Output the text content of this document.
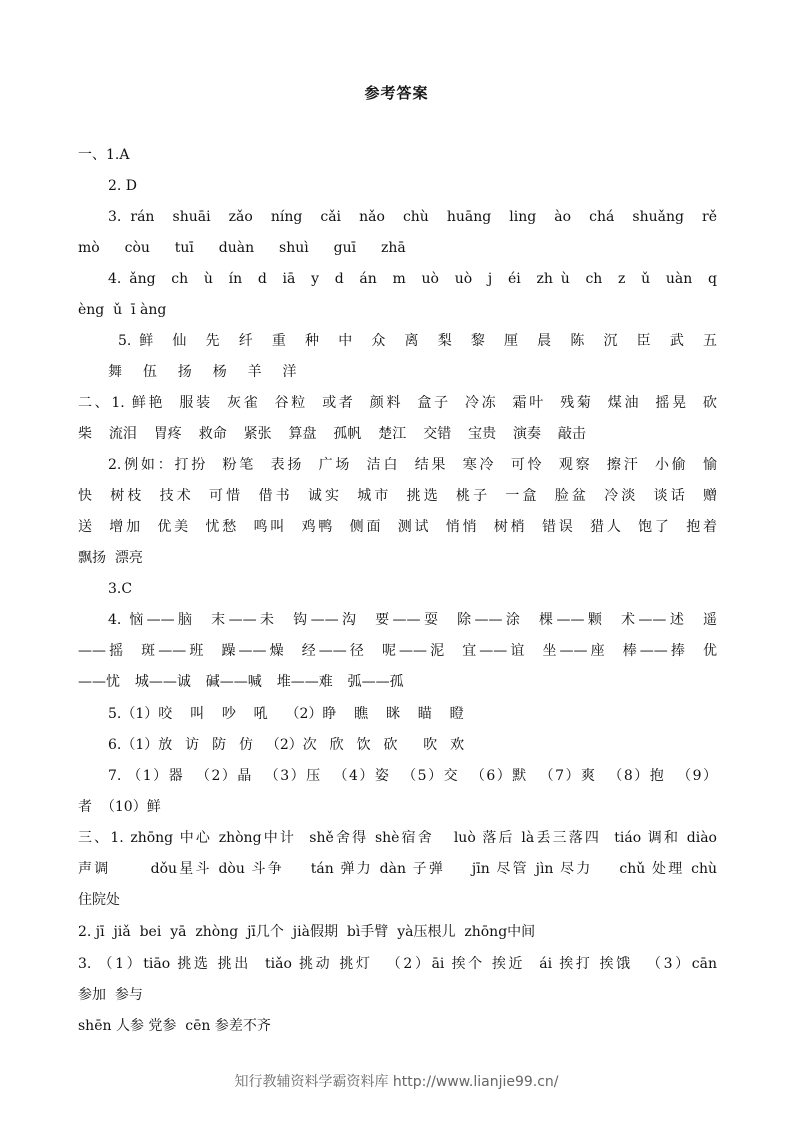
参考答案
一、1.A
2. D
3. rán  shuāi  zǎo  níng  cǎi  nǎo  chù  huāng  ling  ào  chá  shuǎng  rě
mò  còu  tuī  duàn  shuì  guī  zhā
4. ǎng  ch  ù  ín  d  iā  y  d  án  m  uò  uò  j  éi  zh ù  ch  z  ǔ  uàn  q
èng  ǔ  ī àng
5. 鲜  仙  先  纤  重  种  中  众  离  梨  黎  厘  晨  陈  沉  臣  武  五
舞  伍  扬  杨  羊  洋
二、1. 鲜艳  服装  灰雀  谷粒  或者  颜料  盒子  冷冻  霜叶  残菊  煤油  摇晃  砍
柴  流泪  胃疼  救命  紧张  算盘  孤帆  楚江  交错  宝贵  演奏  敲击
2.例如：打扮  粉笔  表扬  广场  洁白  结果  寒冷  可怜  观察  擦汗  小偷  愉
快  树枝  技术  可惜  借书  诚实  城市  挑选  桃子  一盒  脸盆  冷淡  谈话  赠
送  增加  优美  忧愁  鸣叫  鸡鸭  侧面  测试  悄悄  树梢  错误  猎人  饱了  抱着
飘扬  漂亮
3.C
4. 恼——脑  末——未  钩——沟  要——耍  除——涂  棵——颗  术——述  遥
——摇  斑——班  躁——燥  经——径  呢——泥  宜——谊  坐——座  棒——捧  优
——忧  城——诚  碱——喊  堆——难  弧——孤
5.（1）咬    叫    吵    吼    （2）睁    瞧    眯    瞄    瞪
6.（1）放  访  防  仿  （2）次  欣  饮  砍    吹  欢
7. （1）器  （2）晶  （3）压  （4）姿  （5）交  （6）默  （7）爽  （8）抱  （9）
者  （10）鲜
三、1. zhōng 中心 zhòng中计  shě舍得 shè宿舍   luò 落后 là丢三落四  tiáo 调和 diào
声调      dǒu星斗 dòu 斗争    tán 弹力 dàn 子弹    jīn 尽管 jìn 尽力    chǔ 处理 chù
住院处
2. jī  jiǎ  bei  yā  zhòng  jī几个  jià假期  bì手臂  yà压根儿  zhōng中间
3. （1）tiāo 挑选 挑出  tiǎo 挑动 挑灯  （2）āi 挨个 挨近  ái 挨打 挨饿  （3）cān
参加  参与
shēn 人参 党参  cēn 参差不齐
知行教辅资料学霸资料库 http://www.lianjie99.cn/
